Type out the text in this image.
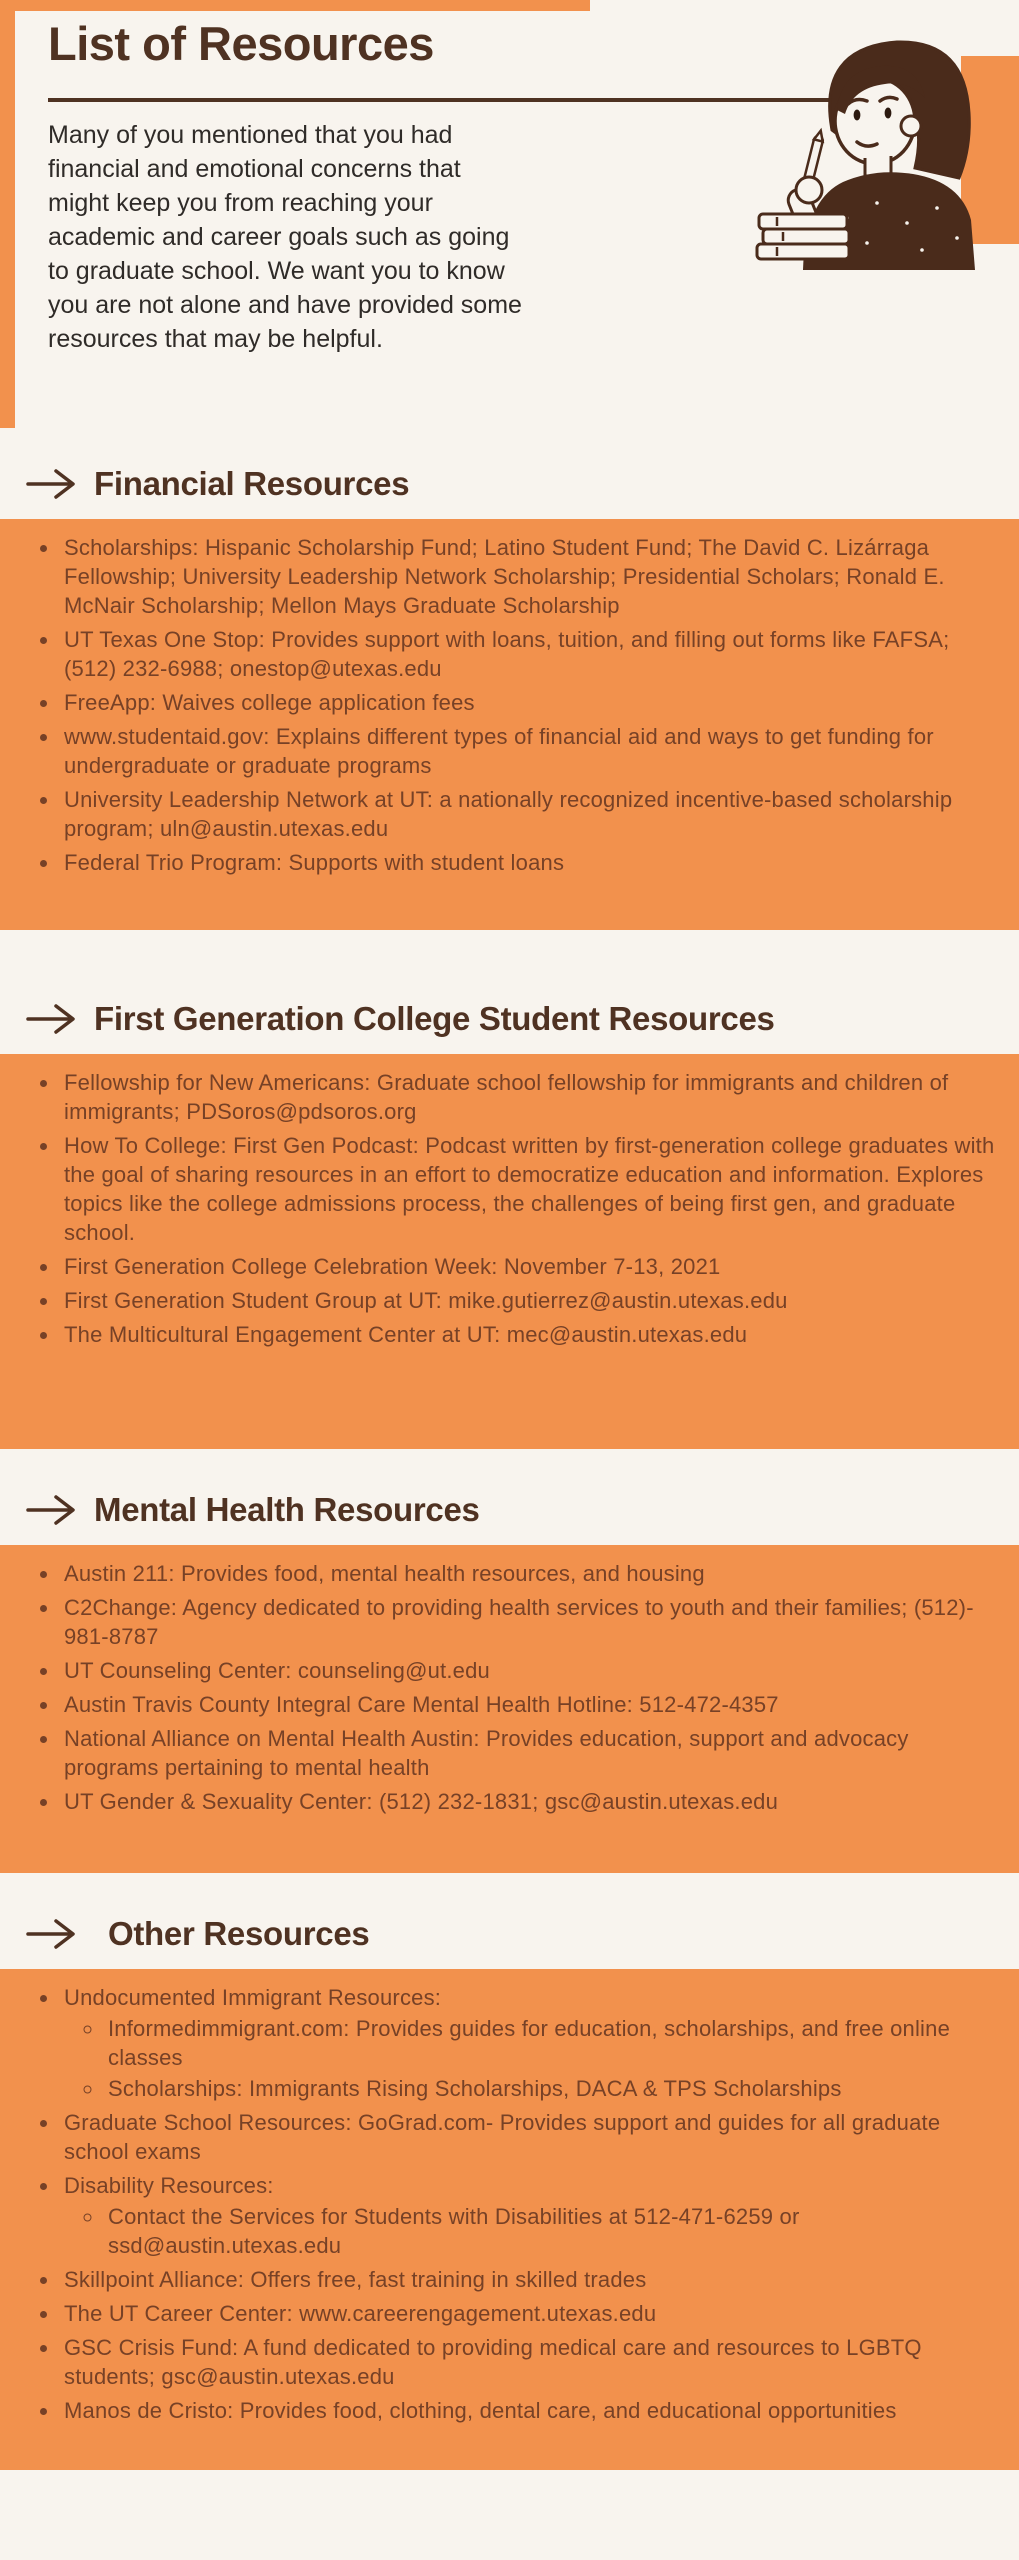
List of Resources

Many of you mentioned that you had financial and emotional concerns that might keep you from reaching your academic and career goals such as going to graduate school. We want you to know you are not alone and have provided some resources that may be helpful.

Financial Resources
• Scholarships: Hispanic Scholarship Fund; Latino Student Fund; The David C. Lizárraga Fellowship; University Leadership Network Scholarship; Presidential Scholars; Ronald E. McNair Scholarship; Mellon Mays Graduate Scholarship
• UT Texas One Stop: Provides support with loans, tuition, and filling out forms like FAFSA; (512) 232-6988; onestop@utexas.edu
• FreeApp: Waives college application fees
• www.studentaid.gov: Explains different types of financial aid and ways to get funding for undergraduate or graduate programs
• University Leadership Network at UT: a nationally recognized incentive-based scholarship program; uln@austin.utexas.edu
• Federal Trio Program: Supports with student loans
First Generation College Student Resources
• Fellowship for New Americans: Graduate school fellowship for immigrants and children of immigrants; PDSoros@pdsoros.org
• How To College: First Gen Podcast: Podcast written by first-generation college graduates with the goal of sharing resources in an effort to democratize education and information. Explores topics like the college admissions process, the challenges of being first gen, and graduate school.
• First Generation College Celebration Week: November 7-13, 2021
• First Generation Student Group at UT: mike.gutierrez@austin.utexas.edu
• The Multicultural Engagement Center at UT: mec@austin.utexas.edu
Mental Health Resources
• Austin 211: Provides food, mental health resources, and housing
• C2Change: Agency dedicated to providing health services to youth and their families; (512)- 981-8787
• UT Counseling Center: counseling@ut.edu
• Austin Travis County Integral Care Mental Health Hotline: 512-472-4357
• National Alliance on Mental Health Austin: Provides education, support and advocacy programs pertaining to mental health
• UT Gender & Sexuality Center: (512) 232-1831; gsc@austin.utexas.edu
Other Resources
• Undocumented Immigrant Resources:
◦ Informedimmigrant.com: Provides guides for education, scholarships, and free online classes
◦ Scholarships: Immigrants Rising Scholarships, DACA & TPS Scholarships
• Graduate School Resources: GoGrad.com- Provides support and guides for all graduate school exams
• Disability Resources:
◦ Contact the Services for Students with Disabilities at 512-471-6259 or ssd@austin.utexas.edu
• Skillpoint Alliance: Offers free, fast training in skilled trades
• The UT Career Center: www.careerengagement.utexas.edu
• GSC Crisis Fund: A fund dedicated to providing medical care and resources to LGBTQ students; gsc@austin.utexas.edu
• Manos de Cristo: Provides food, clothing, dental care, and educational opportunities
